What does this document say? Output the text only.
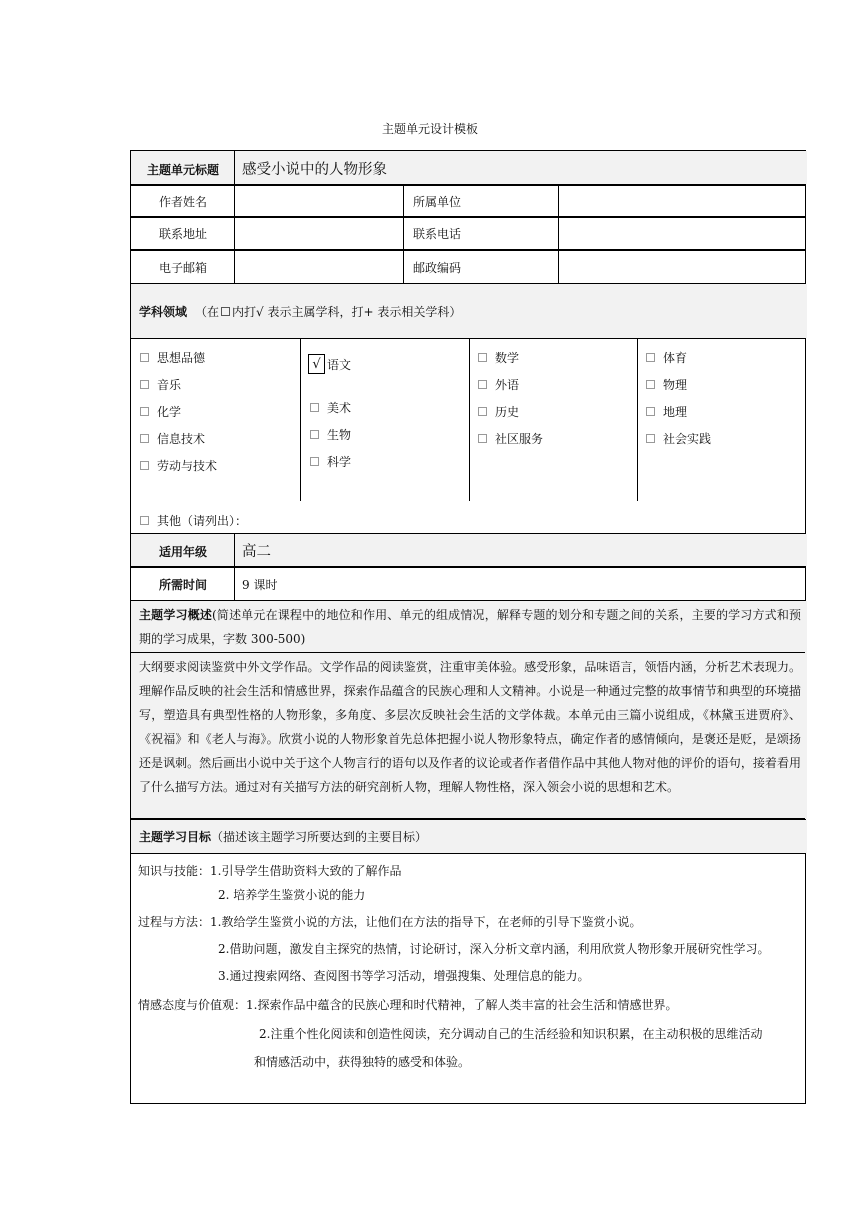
主题单元设计模板
主题单元标题	感受小说中的人物形象
作者姓名	所属单位
联系地址	联系电话
电子邮箱	邮政编码
学科领域 （在 内打√ 表示主属学科，打+ 表示相关学科）
思想品德
音乐
化学
信息技术
劳动与技术
√ 语文
美术
生物
科学
数学
外语
历史
社区服务
体育
物理
地理
社会实践
其他（请列出）：
适用年级	高二
所需时间	9 课时
主题学习概述(简述单元在课程中的地位和作用、单元的组成情况，解释专题的划分和专题之间的关系，主要的学习方式和预期的学习成果，字数 300-500)
大纲要求阅读鉴赏中外文学作品。文学作品的阅读鉴赏，注重审美体验。感受形象，品味语言，领悟内涵，分析艺术表现力。理解作品反映的社会生活和情感世界，探索作品蕴含的民族心理和人文精神。小说是一种通过完整的故事情节和典型的环境描写，塑造具有典型性格的人物形象，多角度、多层次反映社会生活的文学体裁。本单元由三篇小说组成，《林黛玉进贾府》、《祝福》和《老人与海》。欣赏小说的人物形象首先总体把握小说人物形象特点，确定作者的感情倾向，是褒还是贬，是颂扬还是讽刺。然后画出小说中关于这个人物言行的语句以及作者的议论或者作者借作品中其他人物对他的评价的语句，接着看用了什么描写方法。通过对有关描写方法的研究剖析人物，理解人物性格，深入领会小说的思想和艺术。
主题学习目标 （描述该主题学习所要达到的主要目标）
知识与技能：1.引导学生借助资料大致的了解作品
2. 培养学生鉴赏小说的能力
过程与方法：1.教给学生鉴赏小说的方法，让他们在方法的指导下，在老师的引导下鉴赏小说。
2.借助问题，激发自主探究的热情，讨论研讨，深入分析文章内涵，利用欣赏人物形象开展研究性学习。
3.通过搜索网络、查阅图书等学习活动，增强搜集、处理信息的能力。
情感态度与价值观：1.探索作品中蕴含的民族心理和时代精神，了解人类丰富的社会生活和情感世界。
2.注重个性化阅读和创造性阅读，充分调动自己的生活经验和知识积累，在主动积极的思维活动
和情感活动中，获得独特的感受和体验。
